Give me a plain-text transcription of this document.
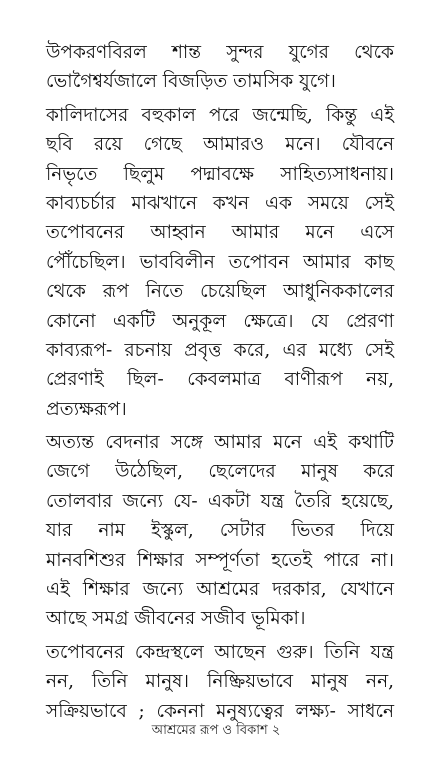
উপকরণবিরল শান্ত সুন্দর যুগের থেকে
ভোগৈশ্বর্যজালে বিজড়িত তামসিক যুগে।

কালিদাসের বহুকাল পরে জন্মেছি, কিন্তু এই
ছবি রয়ে গেছে আমারও মনে। যৌবনে
নিভৃতে ছিলুম পদ্মাবক্ষে সাহিত্যসাধনায়।
কাব্যচর্চার মাঝখানে কখন এক সময়ে সেই
তপোবনের আহ্বান আমার মনে এসে
পৌঁচেছিল। ভাববিলীন তপোবন আমার কাছ
থেকে রূপ নিতে চেয়েছিল আধুনিককালের
কোনো একটি অনুকূল ক্ষেত্রে। যে প্রেরণা
কাব্যরূপ- রচনায় প্রবৃত্ত করে, এর মধ্যে সেই
প্রেরণাই ছিল- কেবলমাত্র বাণীরূপ নয়,
প্রত্যক্ষরূপ।

অত্যন্ত বেদনার সঙ্গে আমার মনে এই কথাটি
জেগে উঠেছিল, ছেলেদের মানুষ করে
তোলবার জন্যে যে- একটা যন্ত্র তৈরি হয়েছে,
যার নাম ইস্কুল, সেটার ভিতর দিয়ে
মানবশিশুর শিক্ষার সম্পূর্ণতা হতেই পারে না।
এই শিক্ষার জন্যে আশ্রমের দরকার, যেখানে
আছে সমগ্র জীবনের সজীব ভূমিকা।

তপোবনের কেন্দ্রস্থলে আছেন গুরু। তিনি যন্ত্র
নন, তিনি মানুষ। নিষ্ক্রিয়ভাবে মানুষ নন,
সক্রিয়ভাবে ; কেননা মনুষ্যত্বের লক্ষ্য- সাধনে

আশ্রমের রূপ ও বিকাশ ২
